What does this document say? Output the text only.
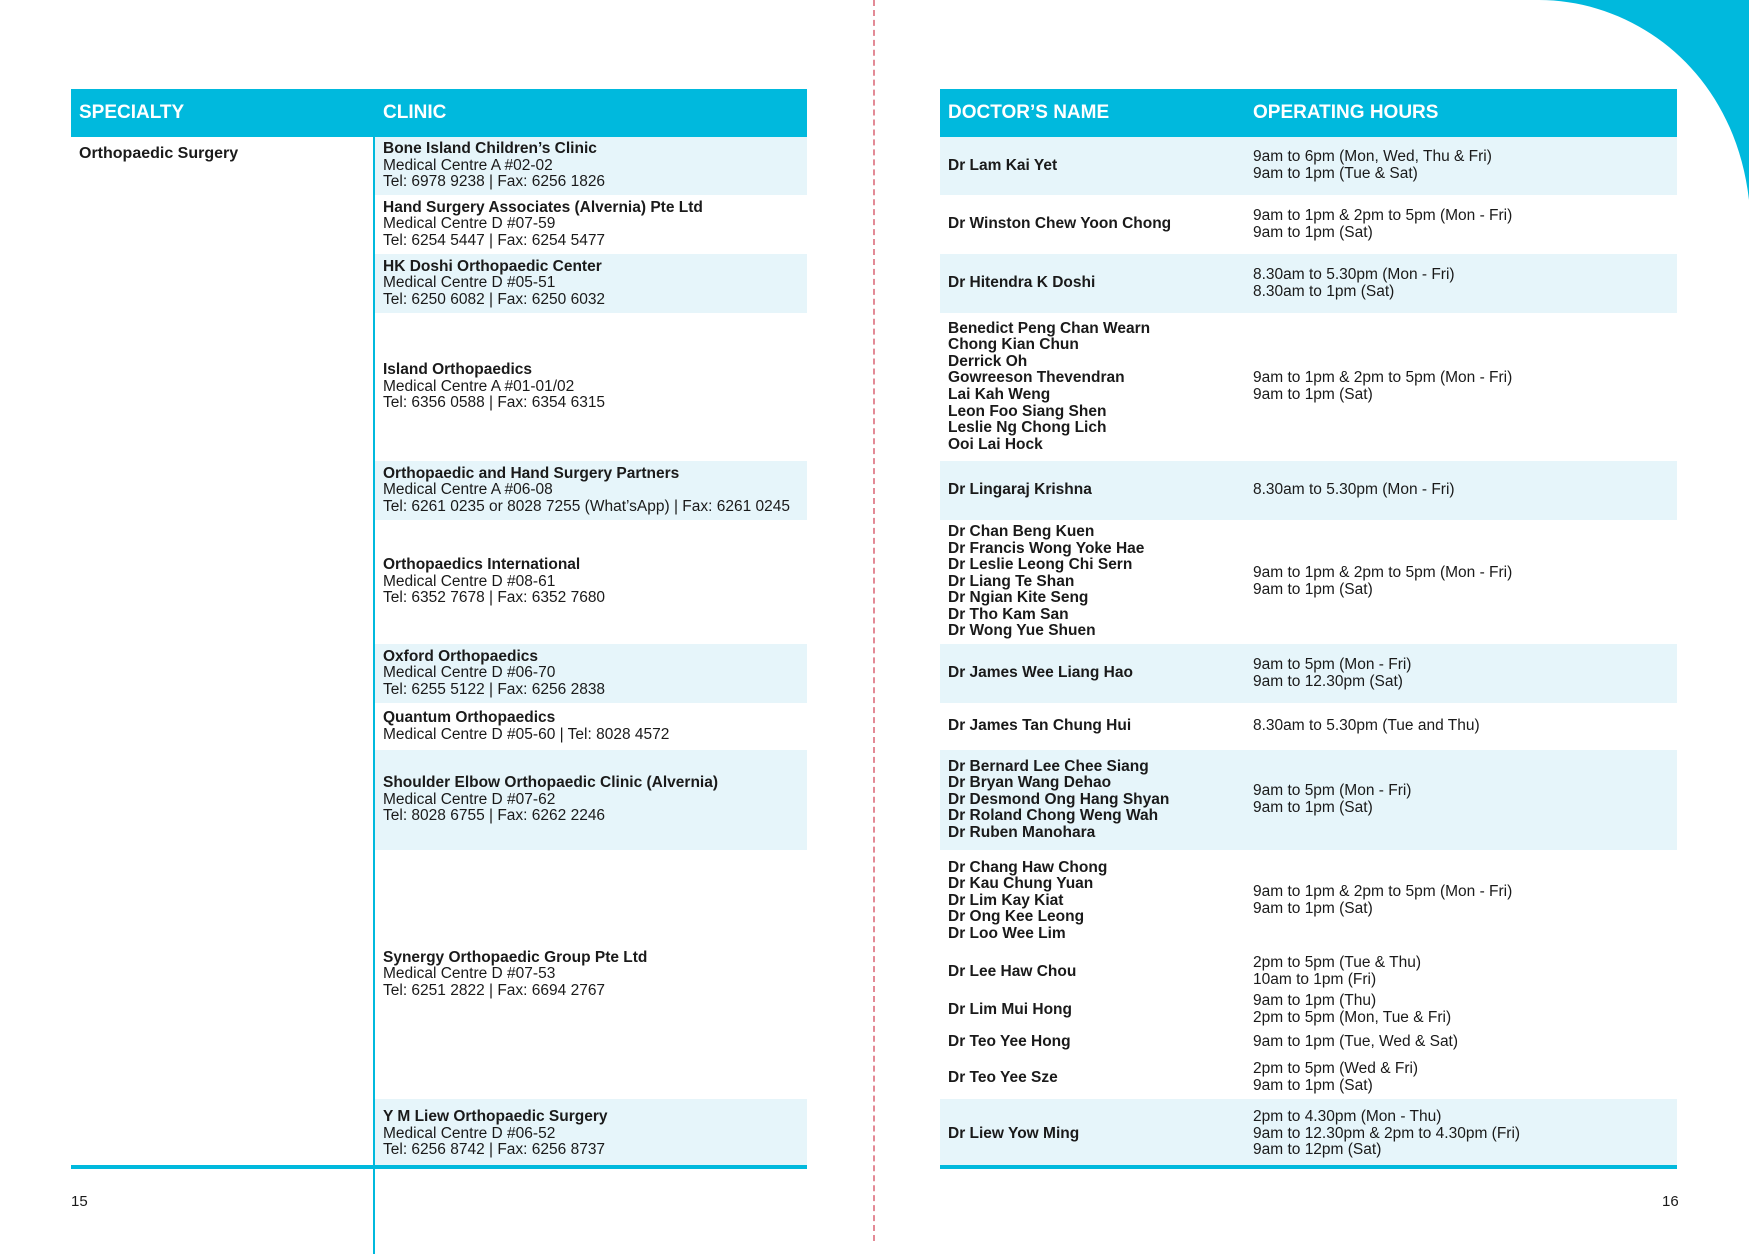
SPECIALTY	CLINIC
Orthopaedic Surgery	Bone Island Children’s Clinic
Medical Centre A #02-02
Tel: 6978 9238 | Fax: 6256 1826
Hand Surgery Associates (Alvernia) Pte Ltd
Medical Centre D #07-59
Tel: 6254 5447 | Fax: 6254 5477
HK Doshi Orthopaedic Center
Medical Centre D #05-51
Tel: 6250 6082 | Fax: 6250 6032
Island Orthopaedics
Medical Centre A #01-01/02
Tel: 6356 0588 | Fax: 6354 6315
Orthopaedic and Hand Surgery Partners
Medical Centre A #06-08
Tel: 6261 0235 or 8028 7255 (What’sApp) | Fax: 6261 0245
Orthopaedics International
Medical Centre D #08-61
Tel: 6352 7678 | Fax: 6352 7680
Oxford Orthopaedics
Medical Centre D #06-70
Tel: 6255 5122 | Fax: 6256 2838
Quantum Orthopaedics
Medical Centre D #05-60 | Tel: 8028 4572
Shoulder Elbow Orthopaedic Clinic (Alvernia)
Medical Centre D #07-62
Tel: 8028 6755 | Fax: 6262 2246
Synergy Orthopaedic Group Pte Ltd
Medical Centre D #07-53
Tel: 6251 2822 | Fax: 6694 2767
Y M Liew Orthopaedic Surgery
Medical Centre D #06-52
Tel: 6256 8742 | Fax: 6256 8737
15
DOCTOR’S NAME	OPERATING HOURS
Dr Lam Kai Yet	9am to 6pm (Mon, Wed, Thu & Fri)
9am to 1pm (Tue & Sat)
Dr Winston Chew Yoon Chong	9am to 1pm & 2pm to 5pm (Mon - Fri)
9am to 1pm (Sat)
Dr Hitendra K Doshi	8.30am to 5.30pm (Mon - Fri)
8.30am to 1pm (Sat)
Benedict Peng Chan Wearn
Chong Kian Chun
Derrick Oh
Gowreeson Thevendran
Lai Kah Weng
Leon Foo Siang Shen
Leslie Ng Chong Lich
Ooi Lai Hock
9am to 1pm & 2pm to 5pm (Mon - Fri)
9am to 1pm (Sat)
Dr Lingaraj Krishna	8.30am to 5.30pm (Mon - Fri)
Dr Chan Beng Kuen
Dr Francis Wong Yoke Hae
Dr Leslie Leong Chi Sern
Dr Liang Te Shan
Dr Ngian Kite Seng
Dr Tho Kam San
Dr Wong Yue Shuen
9am to 1pm & 2pm to 5pm (Mon - Fri)
9am to 1pm (Sat)
Dr James Wee Liang Hao	9am to 5pm (Mon - Fri)
9am to 12.30pm (Sat)
Dr James Tan Chung Hui	8.30am to 5.30pm (Tue and Thu)
Dr Bernard Lee Chee Siang
Dr Bryan Wang Dehao
Dr Desmond Ong Hang Shyan
Dr Roland Chong Weng Wah
Dr Ruben Manohara
9am to 5pm (Mon - Fri)
9am to 1pm (Sat)
Dr Chang Haw Chong
Dr Kau Chung Yuan
Dr Lim Kay Kiat
Dr Ong Kee Leong
Dr Loo Wee Lim
9am to 1pm & 2pm to 5pm (Mon - Fri)
9am to 1pm (Sat)
Dr Lee Haw Chou	2pm to 5pm (Tue & Thu)
10am to 1pm (Fri)
Dr Lim Mui Hong	9am to 1pm (Thu)
2pm to 5pm (Mon, Tue & Fri)
Dr Teo Yee Hong	9am to 1pm (Tue, Wed & Sat)
Dr Teo Yee Sze	2pm to 5pm (Wed & Fri)
9am to 1pm (Sat)
Dr Liew Yow Ming
2pm to 4.30pm (Mon - Thu)
9am to 12.30pm & 2pm to 4.30pm (Fri)
9am to 12pm (Sat)
16
